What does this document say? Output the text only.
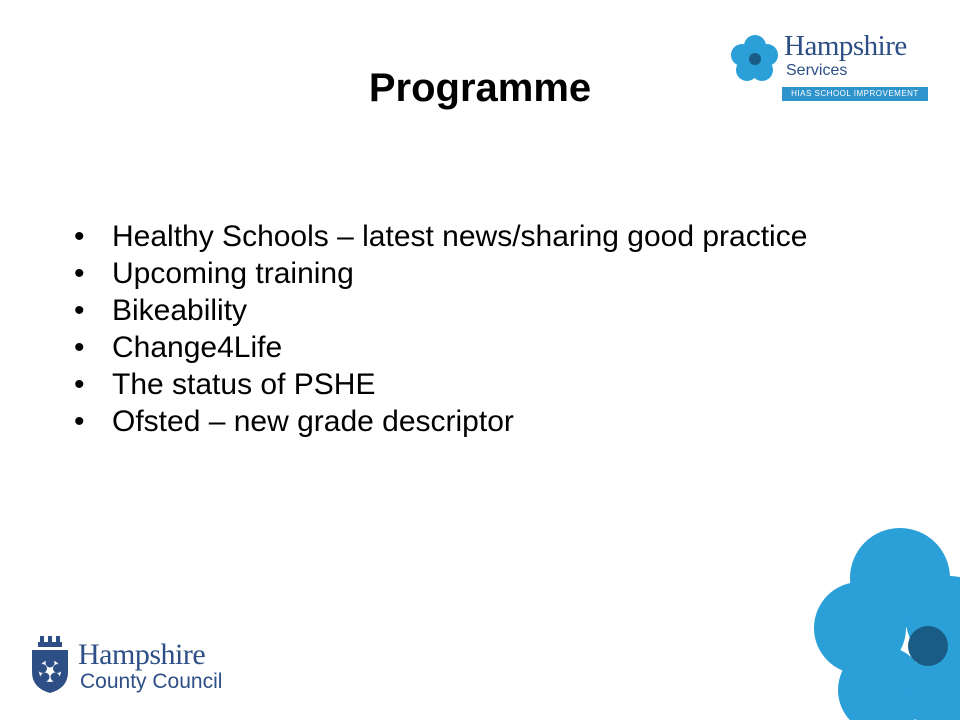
Programme
• Healthy Schools – latest news/sharing good practice
• Upcoming training
• Bikeability
• Change4Life
• The status of PSHE
• Ofsted – new grade descriptor
Hampshire
Services
HIAS SCHOOL IMPROVEMENT
Hampshire
County Council
